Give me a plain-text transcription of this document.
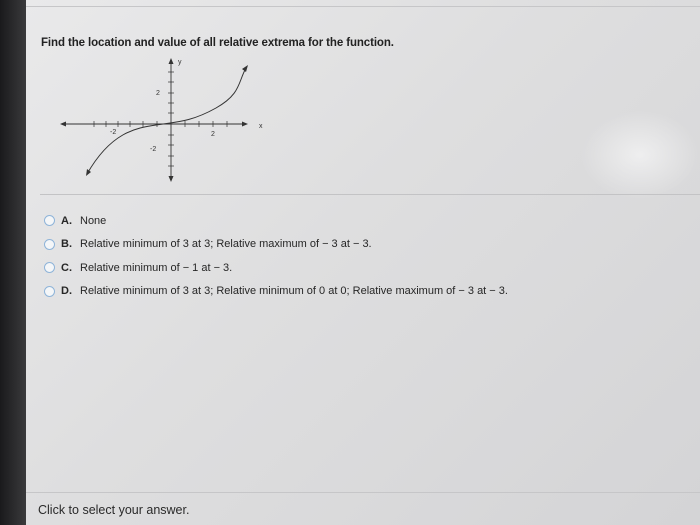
Find the location and value of all relative extrema for the function.
y
x
2
-2
2
-2
A. None
B. Relative minimum of 3 at 3; Relative maximum of − 3 at − 3.
C. Relative minimum of − 1 at − 3.
D. Relative minimum of 3 at 3; Relative minimum of 0 at 0; Relative maximum of − 3 at − 3.
Click to select your answer.
